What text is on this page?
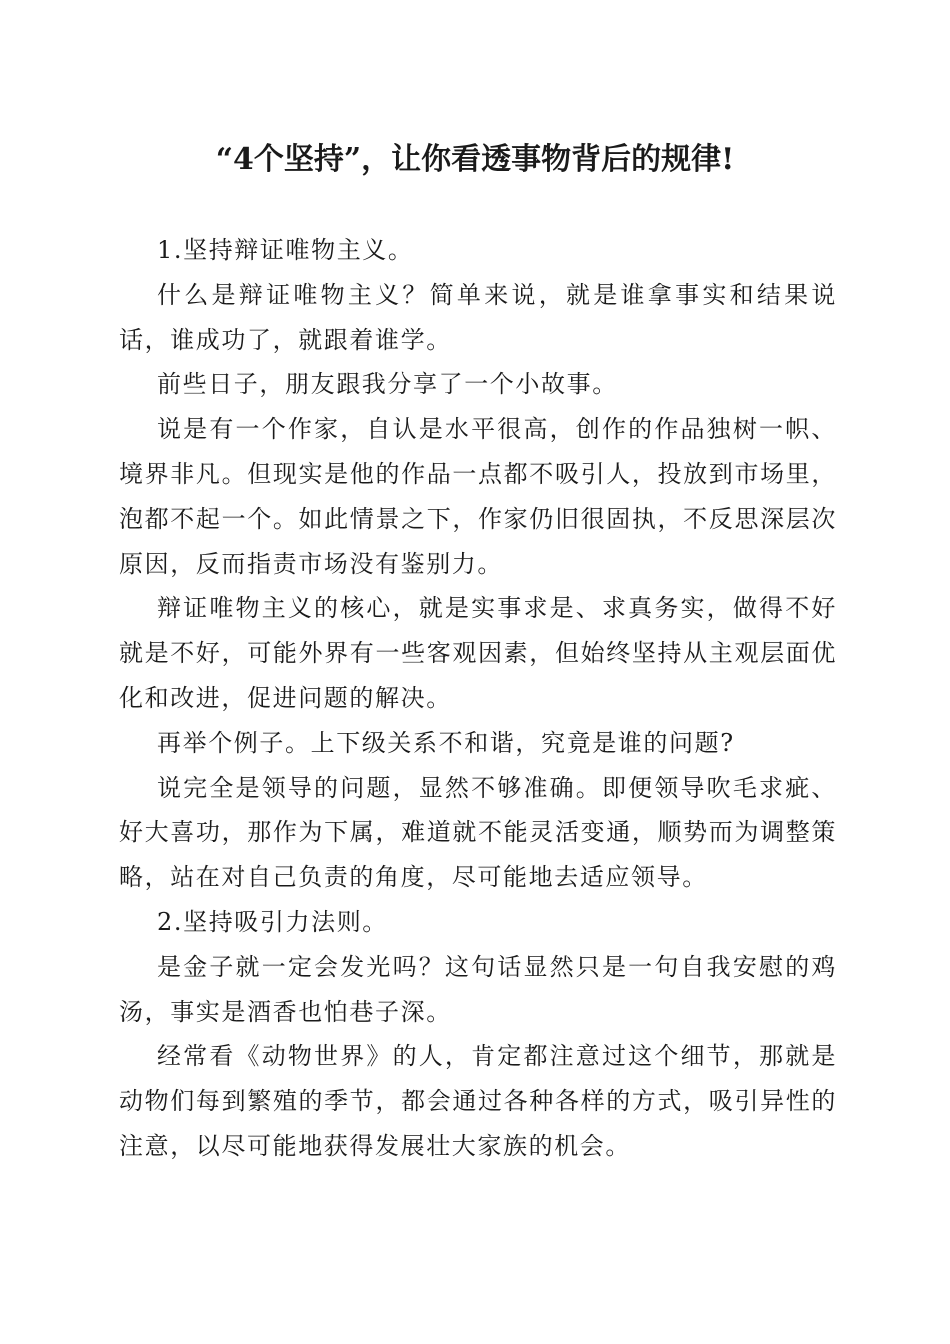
“4个坚持”，让你看透事物背后的规律!

1.坚持辩证唯物主义。

什么是辩证唯物主义？简单来说，就是谁拿事实和结果说话，谁成功了，就跟着谁学。

前些日子，朋友跟我分享了一个小故事。

说是有一个作家，自认是水平很高，创作的作品独树一帜、境界非凡。但现实是他的作品一点都不吸引人，投放到市场里，泡都不起一个。如此情景之下，作家仍旧很固执，不反思深层次原因，反而指责市场没有鉴别力。

辩证唯物主义的核心，就是实事求是、求真务实，做得不好就是不好，可能外界有一些客观因素，但始终坚持从主观层面优化和改进，促进问题的解决。

再举个例子。上下级关系不和谐，究竟是谁的问题?

说完全是领导的问题，显然不够准确。即便领导吹毛求疵、好大喜功，那作为下属，难道就不能灵活变通，顺势而为调整策略，站在对自己负责的角度，尽可能地去适应领导。

2.坚持吸引力法则。

是金子就一定会发光吗？这句话显然只是一句自我安慰的鸡汤，事实是酒香也怕巷子深。

经常看《动物世界》的人，肯定都注意过这个细节，那就是动物们每到繁殖的季节，都会通过各种各样的方式，吸引异性的注意，以尽可能地获得发展壮大家族的机会。
